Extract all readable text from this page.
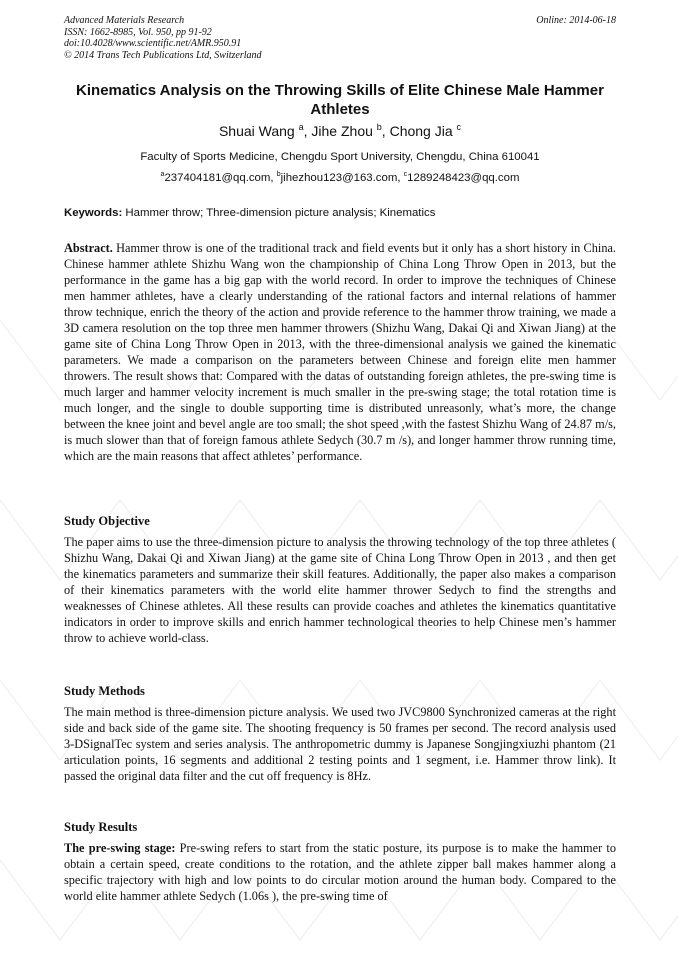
Advanced Materials Research
ISSN: 1662-8985, Vol. 950, pp 91-92
doi:10.4028/www.scientific.net/AMR.950.91
© 2014 Trans Tech Publications Ltd, Switzerland
Online: 2014-06-18
Kinematics Analysis on the Throwing Skills of Elite Chinese Male Hammer Athletes
Shuai Wang $^a$, Jihe Zhou $^b$, Chong Jia $^c$
Faculty of Sports Medicine, Chengdu Sport University, Chengdu, China 610041
$^a$237404181@qq.com, $^b$jihezhou123@163.com, $^c$1289248423@qq.com
Keywords: Hammer throw; Three-dimension picture analysis; Kinematics
Abstract. Hammer throw is one of the traditional track and field events but it only has a short history in China. Chinese hammer athlete Shizhu Wang won the championship of China Long Throw Open in 2013, but the performance in the game has a big gap with the world record. In order to improve the techniques of Chinese men hammer athletes, have a clearly understanding of the rational factors and internal relations of hammer throw technique, enrich the theory of the action and provide reference to the hammer throw training, we made a 3D camera resolution on the top three men hammer throwers (Shizhu Wang, Dakai Qi and Xiwan Jiang) at the game site of China Long Throw Open in 2013, with the three-dimensional analysis we gained the kinematic parameters. We made a comparison on the parameters between Chinese and foreign elite men hammer throwers. The result shows that: Compared with the datas of outstanding foreign athletes, the pre-swing time is much larger and hammer velocity increment is much smaller in the pre-swing stage; the total rotation time is much longer, and the single to double supporting time is distributed unreasonly, what’s more, the change between the knee joint and bevel angle are too small; the shot speed ,with the fastest Shizhu Wang of 24.87 m/s, is much slower than that of foreign famous athlete Sedych (30.7 m /s), and longer hammer throw running time, which are the main reasons that affect athletes’ performance.
Study Objective
The paper aims to use the three-dimension picture to analysis the throwing technology of the top three athletes ( Shizhu Wang, Dakai Qi and Xiwan Jiang) at the game site of China Long Throw Open in 2013 , and then get the kinematics parameters and summarize their skill features. Additionally, the paper also makes a comparison of their kinematics parameters with the world elite hammer thrower Sedych to find the strengths and weaknesses of Chinese athletes. All these results can provide coaches and athletes the kinematics quantitative indicators in order to improve skills and enrich hammer technological theories to help Chinese men’s hammer throw to achieve world-class.
Study Methods
The main method is three-dimension picture analysis. We used two JVC9800 Synchronized cameras at the right side and back side of the game site. The shooting frequency is 50 frames per second. The record analysis used 3-DSignalTec system and series analysis. The anthropometric dummy is Japanese Songjingxiuzhi phantom (21 articulation points, 16 segments and additional 2 testing points and 1 segment, i.e. Hammer throw link). It passed the original data filter and the cut off frequency is 8Hz.
Study Results
The pre-swing stage: Pre-swing refers to start from the static posture, its purpose is to make the hammer to obtain a certain speed, create conditions to the rotation, and the athlete zipper ball makes hammer along a specific trajectory with high and low points to do circular motion around the human body. Compared to the world elite hammer athlete Sedych (1.06s ), the pre-swing time of
